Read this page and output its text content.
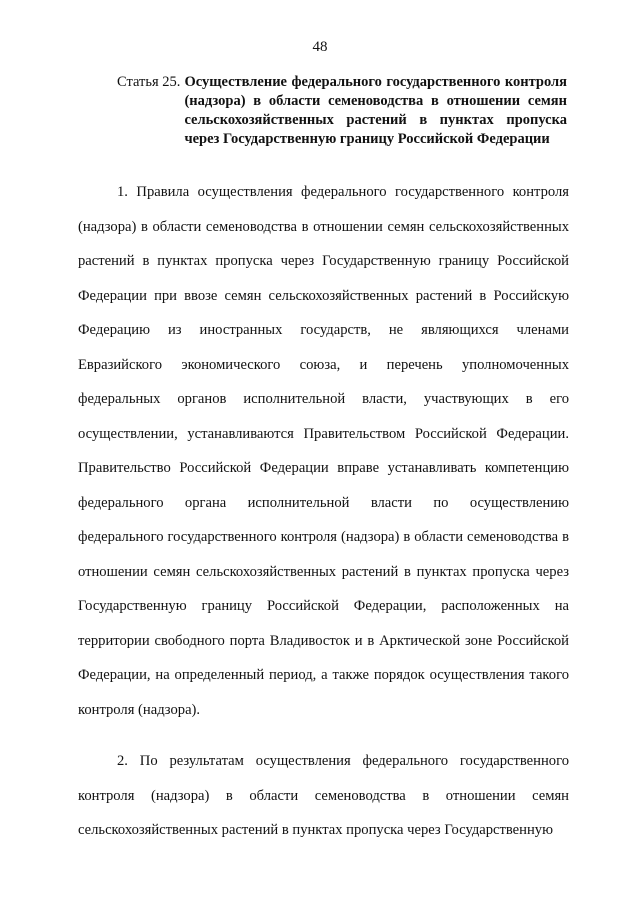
48
Статья 25. Осуществление федерального государственного контроля (надзора) в области семеноводства в отношении семян сельскохозяйственных растений в пунктах пропуска через Государственную границу Российской Федерации

1. Правила осуществления федерального государственного контроля (надзора) в области семеноводства в отношении семян сельскохозяйственных растений в пунктах пропуска через Государственную границу Российской Федерации при ввозе семян сельскохозяйственных растений в Российскую Федерацию из иностранных государств, не являющихся членами Евразийского экономического союза, и перечень уполномоченных федеральных органов исполнительной власти, участвующих в его осуществлении, устанавливаются Правительством Российской Федерации. Правительство Российской Федерации вправе устанавливать компетенцию федерального органа исполнительной власти по осуществлению федерального государственного контроля (надзора) в области семеноводства в отношении семян сельскохозяйственных растений в пунктах пропуска через Государственную границу Российской Федерации, расположенных на территории свободного порта Владивосток и в Арктической зоне Российской Федерации, на определенный период, а также порядок осуществления такого контроля (надзора).

2. По результатам осуществления федерального государственного контроля (надзора) в области семеноводства в отношении семян сельскохозяйственных растений в пунктах пропуска через Государственную
